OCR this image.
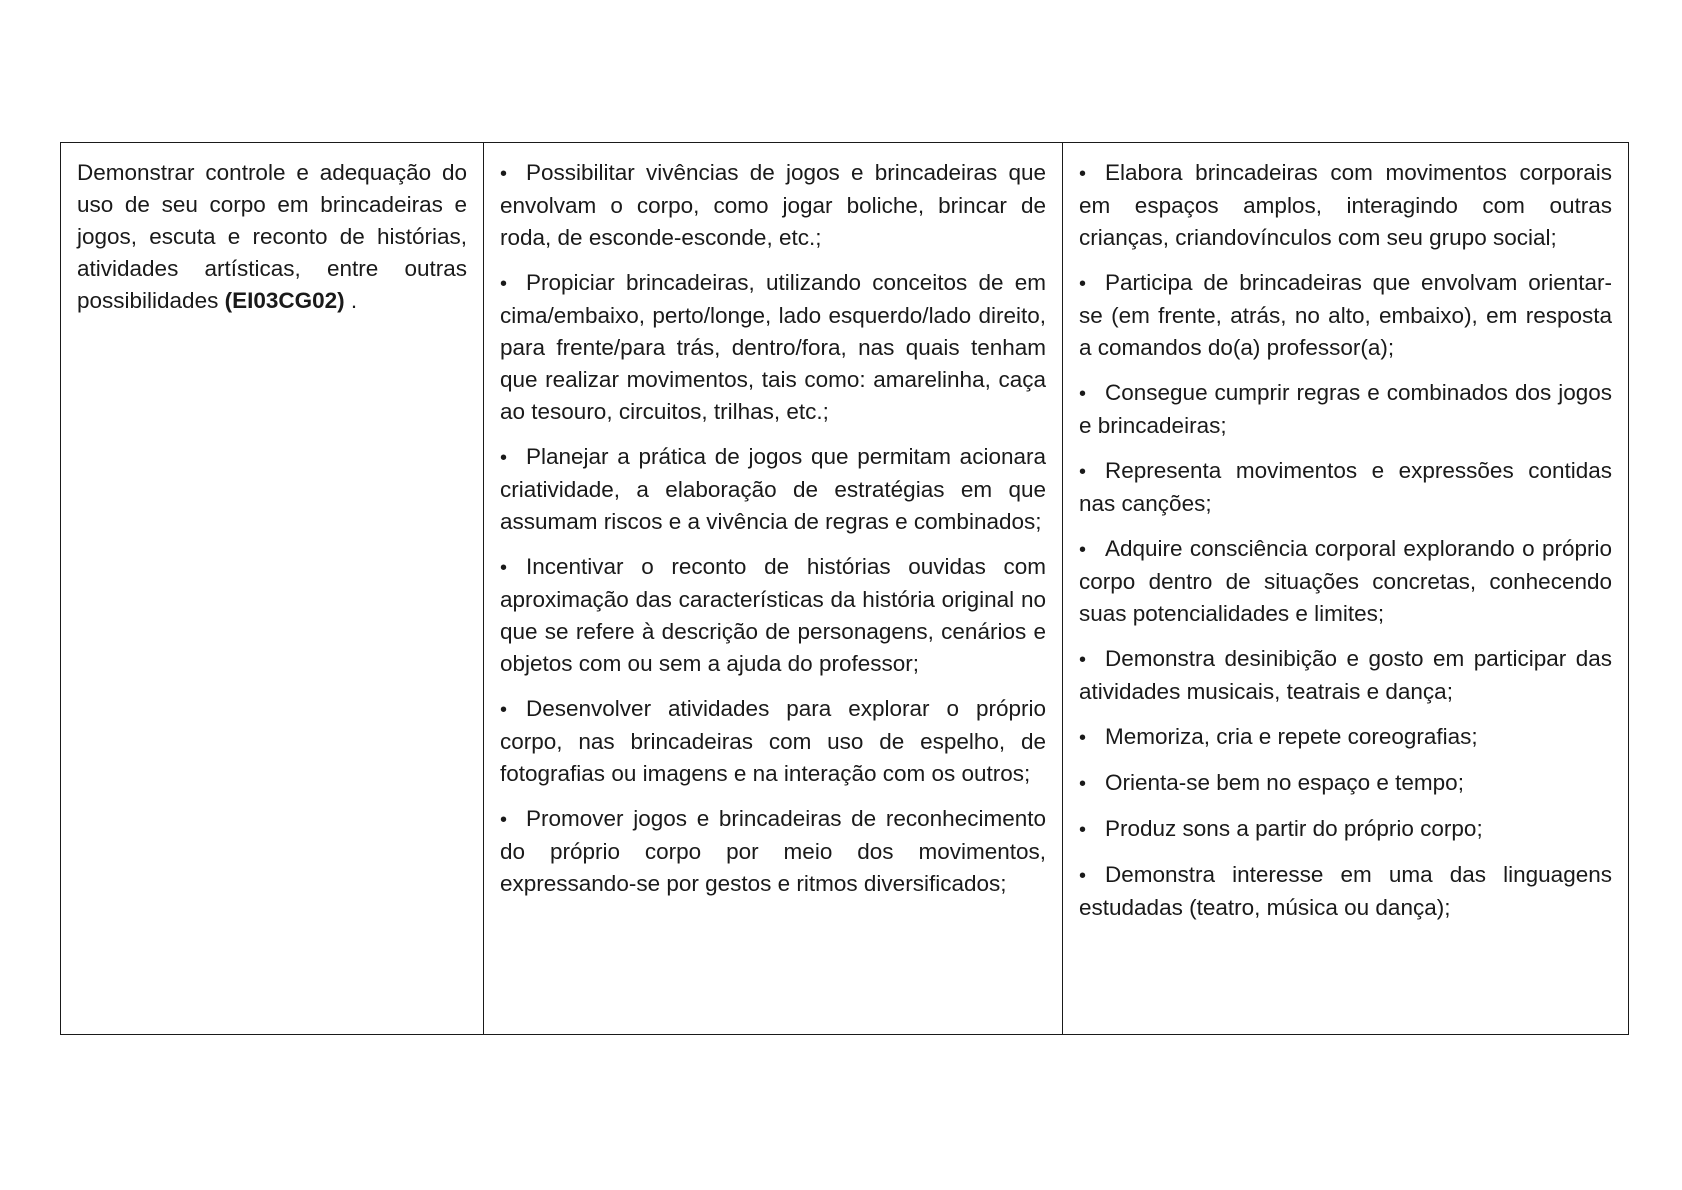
Demonstrar controle e adequação do uso de seu corpo em brincadeiras e jogos, escuta e reconto de histórias, atividades artísticas, entre outras possibilidades (EI03CG02) .

• Possibilitar vivências de jogos e brincadeiras que envolvam o corpo, como jogar boliche, brincar de roda, de esconde-esconde, etc.;
• Propiciar brincadeiras, utilizando conceitos de em cima/embaixo, perto/longe, lado esquerdo/lado direito, para frente/para trás, dentro/fora, nas quais tenham que realizar movimentos, tais como: amarelinha, caça ao tesouro, circuitos, trilhas, etc.;
• Planejar a prática de jogos que permitam acionara criatividade, a elaboração de estratégias em que assumam riscos e a vivência de regras e combinados;
• Incentivar o reconto de histórias ouvidas com aproximação das características da história original no que se refere à descrição de personagens, cenários e objetos com ou sem a ajuda do professor;
• Desenvolver atividades para explorar o próprio corpo, nas brincadeiras com uso de espelho, de fotografias ou imagens e na interação com os outros;
• Promover jogos e brincadeiras de reconhecimento do próprio corpo por meio dos movimentos, expressando-se por gestos e ritmos diversificados;

• Elabora brincadeiras com movimentos corporais em espaços amplos, interagindo com outras crianças, criandovínculos com seu grupo social;
• Participa de brincadeiras que envolvam orientar-se (em frente, atrás, no alto, embaixo), em resposta a comandos do(a) professor(a);
• Consegue cumprir regras e combinados dos jogos e brincadeiras;
• Representa movimentos e expressões contidas nas canções;
• Adquire consciência corporal explorando o próprio corpo dentro de situações concretas, conhecendo suas potencialidades e limites;
• Demonstra desinibição e gosto em participar das atividades musicais, teatrais e dança;
• Memoriza, cria e repete coreografias;
• Orienta-se bem no espaço e tempo;
• Produz sons a partir do próprio corpo;
• Demonstra interesse em uma das linguagens estudadas (teatro, música ou dança);
